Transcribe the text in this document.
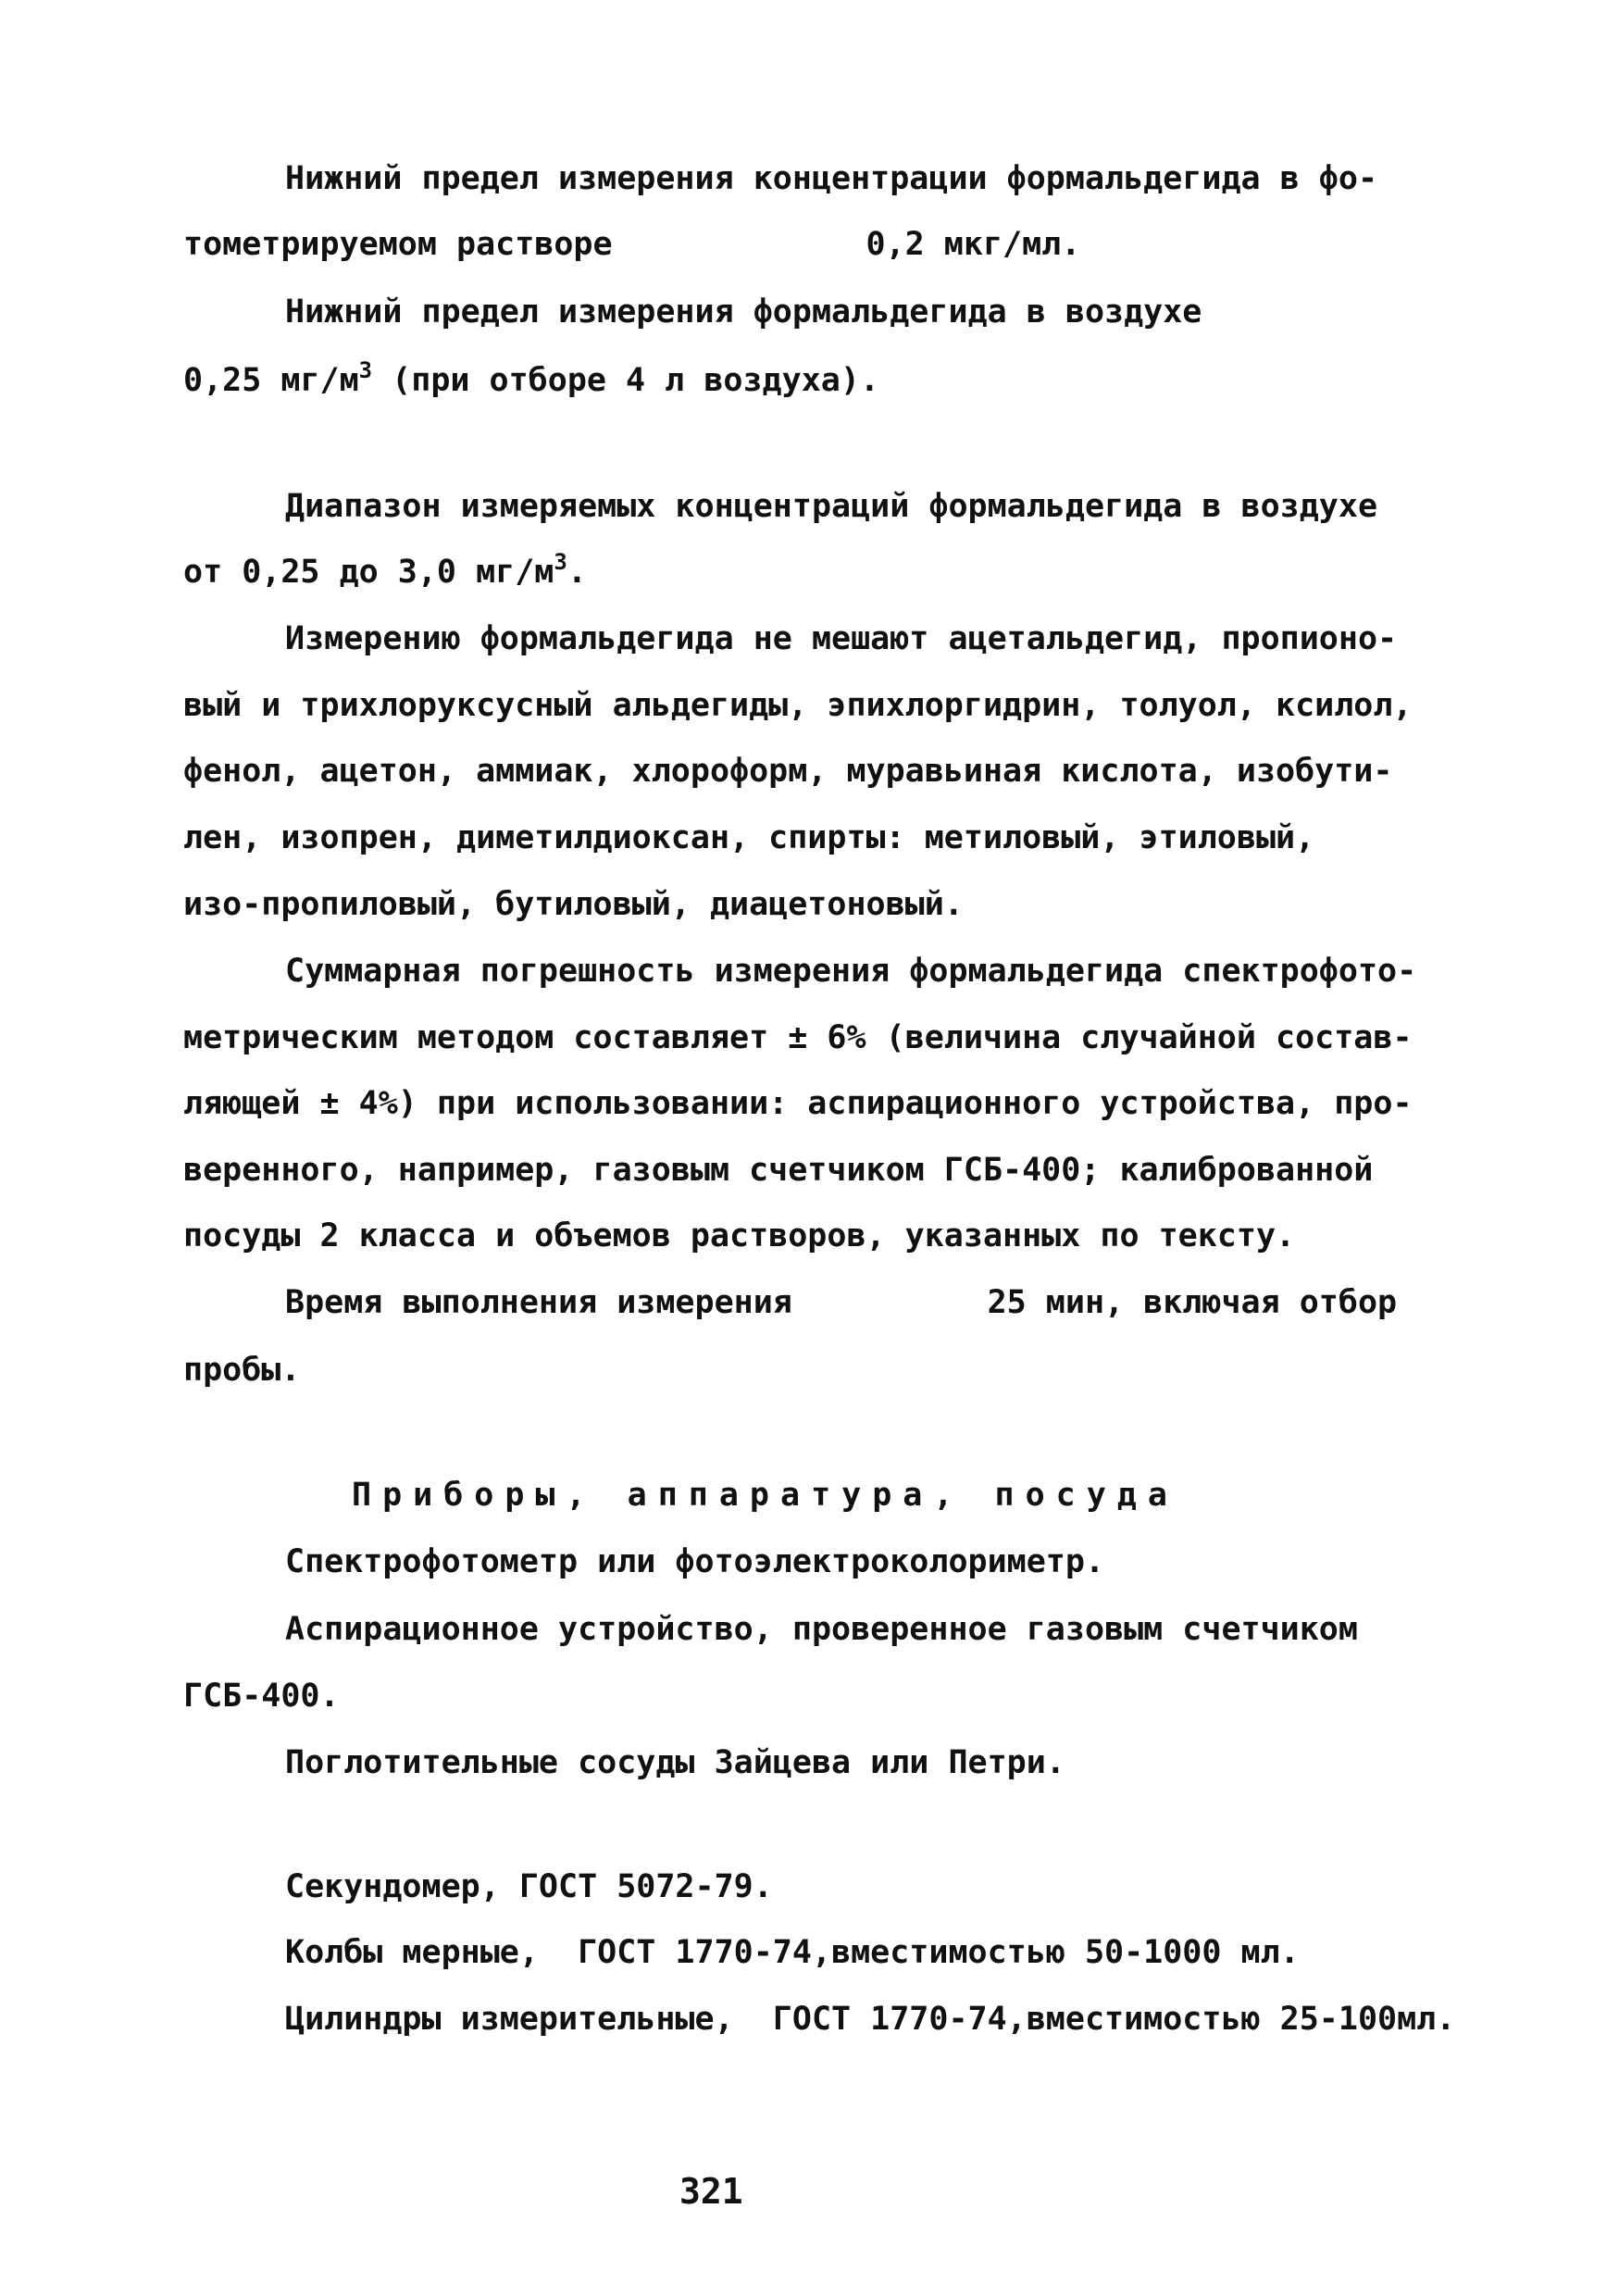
Нижний предел измерения концентрации формальдегида в фо-
тометрируемом растворе             0,2 мкг/мл.
Нижний предел измерения формальдегида в воздухе
0,25 $мг/м^3$ (при отборе 4 л воздуха).
Диапазон измеряемых концентраций формальдегида в воздухе
от 0,25 до 3,0 $мг/м^3$.
Измерению формальдегида не мешают ацетальдегид, пропионо-
вый и трихлоруксусный альдегиды, эпихлоргидрин, толуол, ксилол,
фенол, ацетон, аммиак, хлороформ, муравьиная кислота, изобути-
лен, изопрен, диметилдиоксан, спирты: метиловый, этиловый,
изо-пропиловый, бутиловый, диацетоновый.
Суммарная погрешность измерения формальдегида спектрофото-
метрическим методом составляет ± 6% (величина случайной состав-
ляющей ± 4%) при использовании: аспирационного устройства, про-
веренного, например, газовым счетчиком ГСБ-400; калиброванной
посуды 2 класса и объемов растворов, указанных по тексту.
Время выполнения измерения          25 мин, включая отбор
пробы.
Приборы, аппаратура, посуда
Спектрофотометр или фотоэлектроколориметр.
Аспирационное устройство, проверенное газовым счетчиком
ГСБ-400.
Поглотительные сосуды Зайцева или Петри.
Секундомер, ГОСТ 5072-79.
Колбы мерные,  ГОСТ 1770-74,вместимостью 50-1000 мл.
Цилиндры измерительные,  ГОСТ 1770-74,вместимостью 25-100мл.
321
